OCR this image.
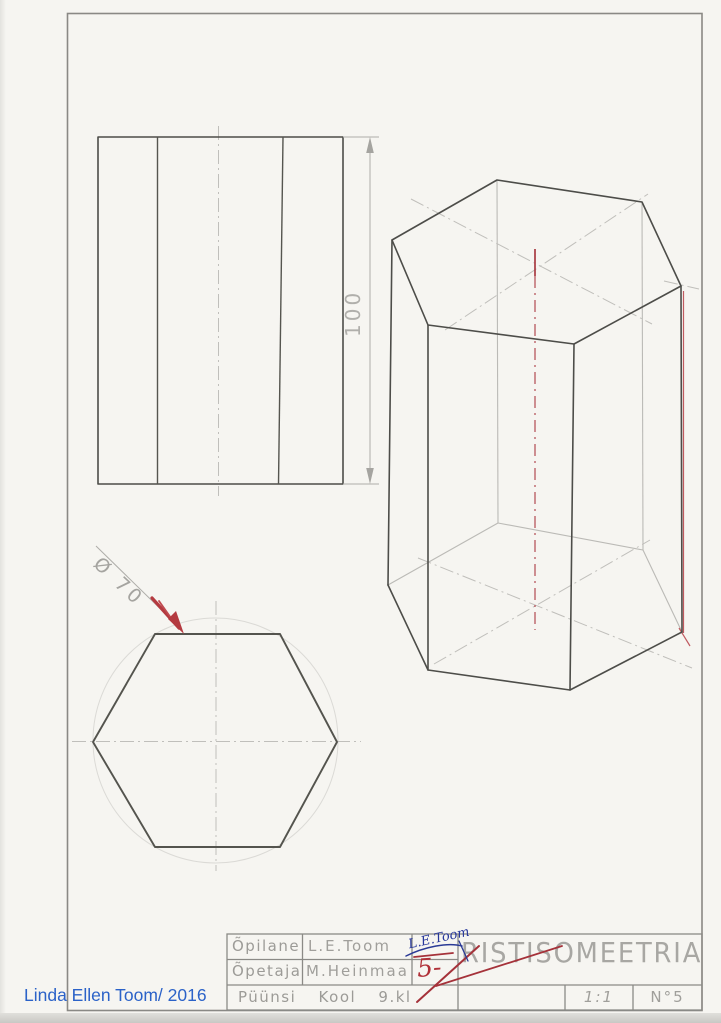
Õpilane L.E.Toom
Õpetaja M.Heinmaa
Püünsi Kool 9.kl
RISTISOMEETRIA
1:1	N°5
L.E.Toom
5-
100
Ø 70
Linda Ellen Toom/ 2016
